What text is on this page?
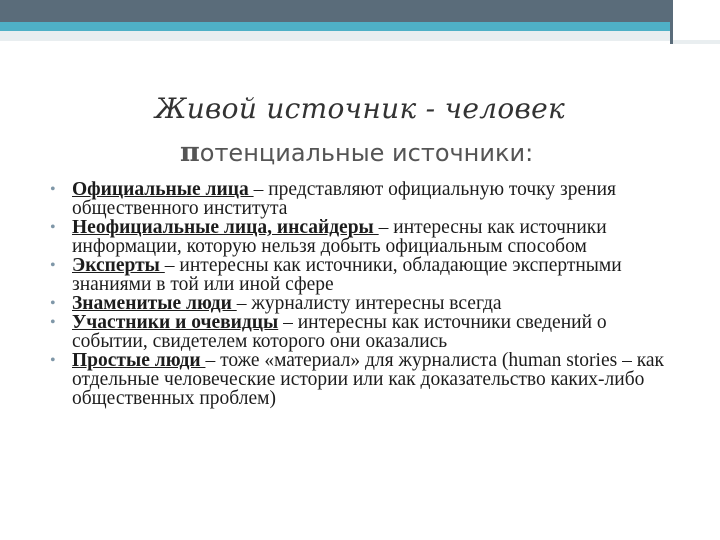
Живой источник - человек
потенциальные источники:
• Официальные лица – представляют официальную точку зрения общественного института
• Неофициальные лица, инсайдеры – интересны как источники информации, которую нельзя добыть официальным способом
• Эксперты – интересны как источники, обладающие экспертными знаниями в той или иной сфере
• Знаменитые люди – журналисту интересны всегда
• Участники и очевидцы – интересны как источники сведений о событии, свидетелем которого они оказались
• Простые люди – тоже «материал» для журналиста (human stories – как отдельные человеческие истории или как доказательство каких-либо общественных проблем)
